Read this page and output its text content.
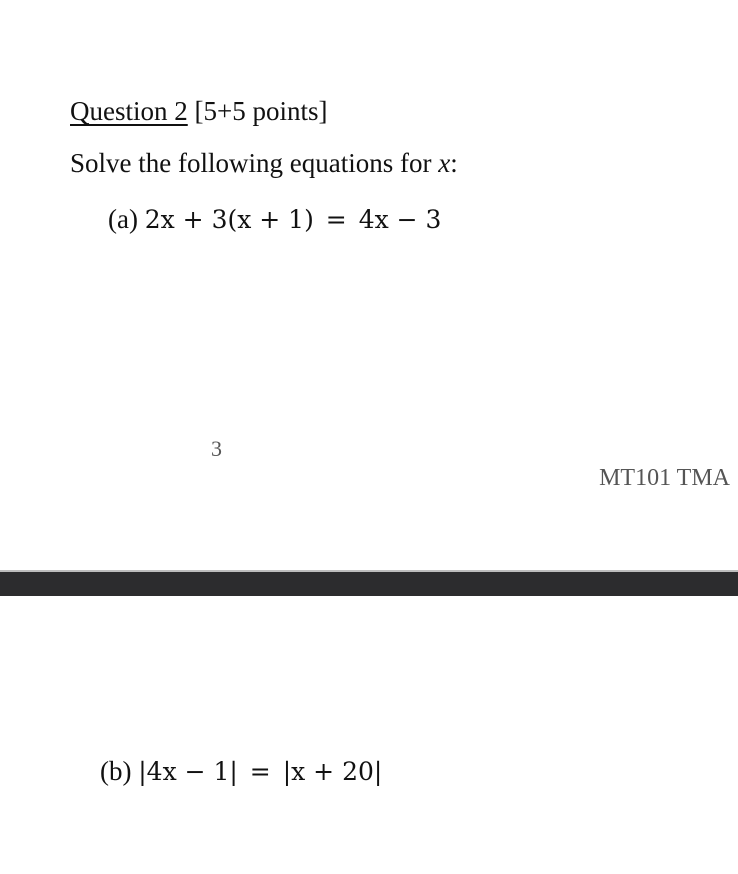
Question 2 [5+5 points]
Solve the following equations for x:
(a) 2x + 3(x + 1) = 4x − 3
3
MT101 TMA
(b) |4x − 1| = |x + 20|
